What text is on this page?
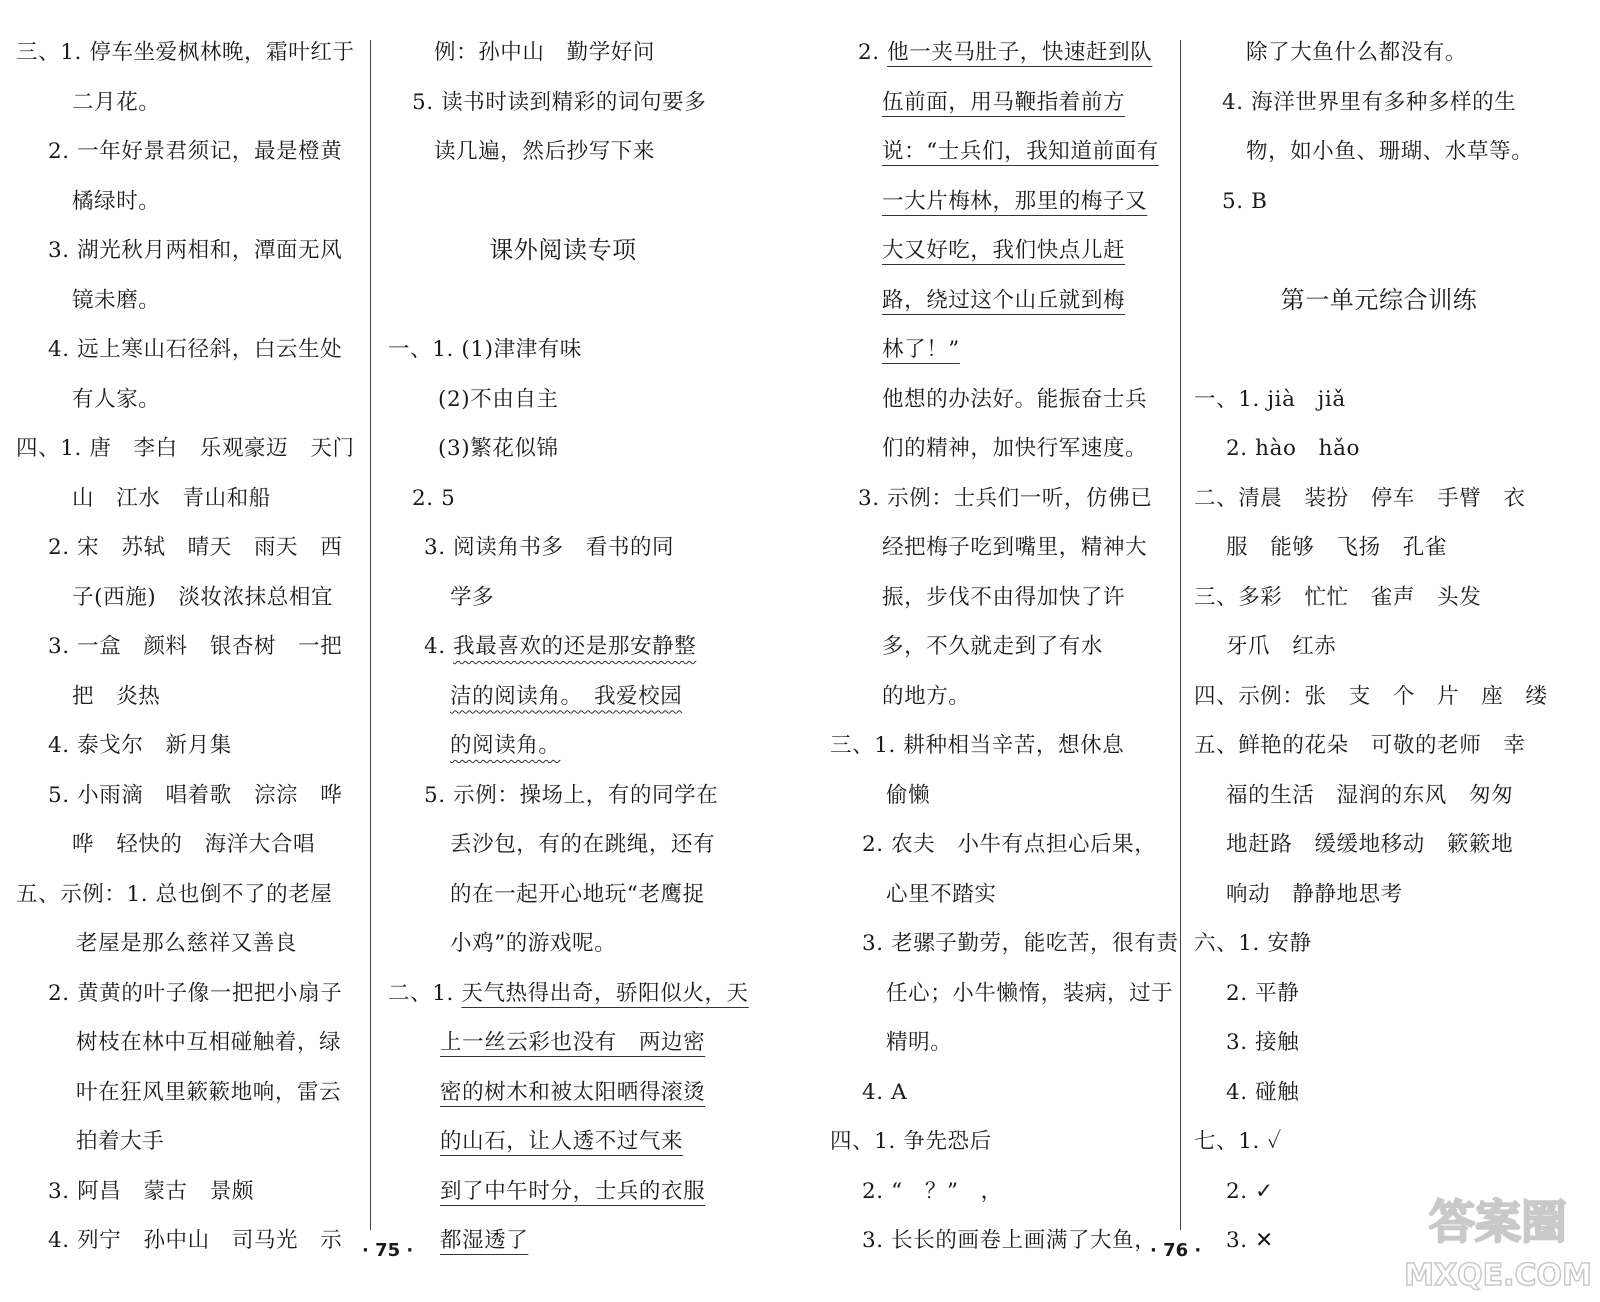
三、1. 停车坐爱枫林晚，霜叶红于
二月花。
2. 一年好景君须记，最是橙黄
橘绿时。
3. 湖光秋月两相和，潭面无风
镜未磨。
4. 远上寒山石径斜，白云生处
有人家。
四、1. 唐　李白　乐观豪迈　天门
山　江水　青山和船
2. 宋　苏轼　晴天　雨天　西
子(西施)　淡妆浓抹总相宜
3. 一盒　颜料　银杏树　一把
把　炎热
4. 泰戈尔　新月集
5. 小雨滴　唱着歌　淙淙　哗
哗　轻快的　海洋大合唱
五、示例：1. 总也倒不了的老屋
老屋是那么慈祥又善良
2. 黄黄的叶子像一把把小扇子
树枝在林中互相碰触着，绿
叶在狂风里簌簌地响，雷云
拍着大手
3. 阿昌　蒙古　景颇
4. 列宁　孙中山　司马光　示
例：孙中山　勤学好问
5. 读书时读到精彩的词句要多
读几遍，然后抄写下来
课外阅读专项
一、1. (1)津津有味
(2)不由自主
(3)繁花似锦
2. 5
3. 阅读角书多　看书的同
学多
4. 我最喜欢的还是那安静整
洁的阅读角。　我爱校园
的阅读角。
5. 示例：操场上，有的同学在
丢沙包，有的在跳绳，还有
的在一起开心地玩“老鹰捉
小鸡”的游戏呢。
二、1. 天气热得出奇，骄阳似火，天
上一丝云彩也没有　两边密
密的树木和被太阳晒得滚烫
的山石，让人透不过气来
到了中午时分，士兵的衣服
都湿透了
2. 他一夹马肚子，快速赶到队
伍前面，用马鞭指着前方
说：“士兵们，我知道前面有
一大片梅林，那里的梅子又
大又好吃，我们快点儿赶
路，绕过这个山丘就到梅
林了！”
他想的办法好。能振奋士兵
们的精神，加快行军速度。
3. 示例：士兵们一听，仿佛已
经把梅子吃到嘴里，精神大
振，步伐不由得加快了许
多，不久就走到了有水
的地方。
三、1. 耕种相当辛苦，想休息
偷懒
2. 农夫　小牛有点担心后果，
心里不踏实
3. 老骡子勤劳，能吃苦，很有责
任心；小牛懒惰，装病，过于
精明。
4. A
四、1. 争先恐后
2. “　？”　，
3. 长长的画卷上画满了大鱼，
除了大鱼什么都没有。
4. 海洋世界里有多种多样的生
物，如小鱼、珊瑚、水草等。
5. B
第一单元综合训练
一、1. jià　jiǎ
2. hào　hǎo
二、清晨　装扮　停车　手臂　衣
服　能够　飞扬　孔雀
三、多彩　忙忙　雀声　头发
牙爪　红赤
四、示例：张　支　个　片　座　缕
五、鲜艳的花朵　可敬的老师　幸
福的生活　湿润的东风　匆匆
地赶路　缓缓地移动　簌簌地
响动　静静地思考
六、1. 安静
2. 平静
3. 接触
4. 碰触
七、1. ✓
2. ✓
3. ✕
· 75 ·	· 76 ·
答案圈
MXQE.COM
